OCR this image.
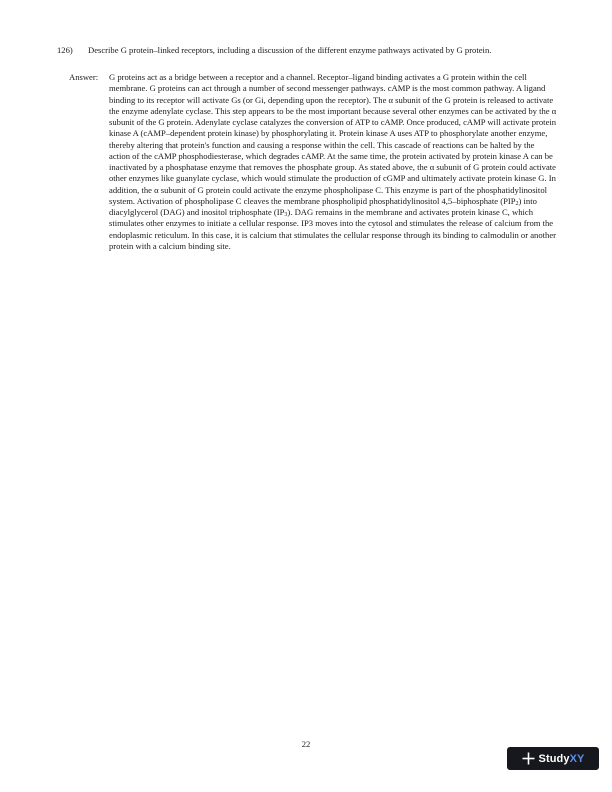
126) Describe G protein–linked receptors, including a discussion of the different enzyme pathways activated by G protein.
Answer: G proteins act as a bridge between a receptor and a channel. Receptor–ligand binding activates a G protein within the cell membrane. G proteins can act through a number of second messenger pathways. cAMP is the most common pathway. A ligand binding to its receptor will activate Gs (or Gi, depending upon the receptor). The α subunit of the G protein is released to activate the enzyme adenylate cyclase. This step appears to be the most important because several other enzymes can be activated by the α subunit of the G protein. Adenylate cyclase catalyzes the conversion of ATP to cAMP. Once produced, cAMP will activate protein kinase A (cAMP–dependent protein kinase) by phosphorylating it. Protein kinase A uses ATP to phosphorylate another enzyme, thereby altering that protein's function and causing a response within the cell. This cascade of reactions can be halted by the action of the cAMP phosphodiesterase, which degrades cAMP. At the same time, the protein activated by protein kinase A can be inactivated by a phosphatase enzyme that removes the phosphate group. As stated above, the α subunit of G protein could activate other enzymes like guanylate cyclase, which would stimulate the production of cGMP and ultimately activate protein kinase G. In addition, the α subunit of G protein could activate the enzyme phospholipase C. This enzyme is part of the phosphatidylinositol system. Activation of phospholipase C cleaves the membrane phospholipid phosphatidylinositol 4,5–biphosphate $(PIP_2)$ into diacylglycerol (DAG) and inositol triphosphate $(IP_3)$. DAG remains in the membrane and activates protein kinase C, which stimulates other enzymes to initiate a cellular response. IP3 moves into the cytosol and stimulates the release of calcium from the endoplasmic reticulum. In this case, it is calcium that stimulates the cellular response through its binding to calmodulin or another protein with a calcium binding site.
22
StudyXY
